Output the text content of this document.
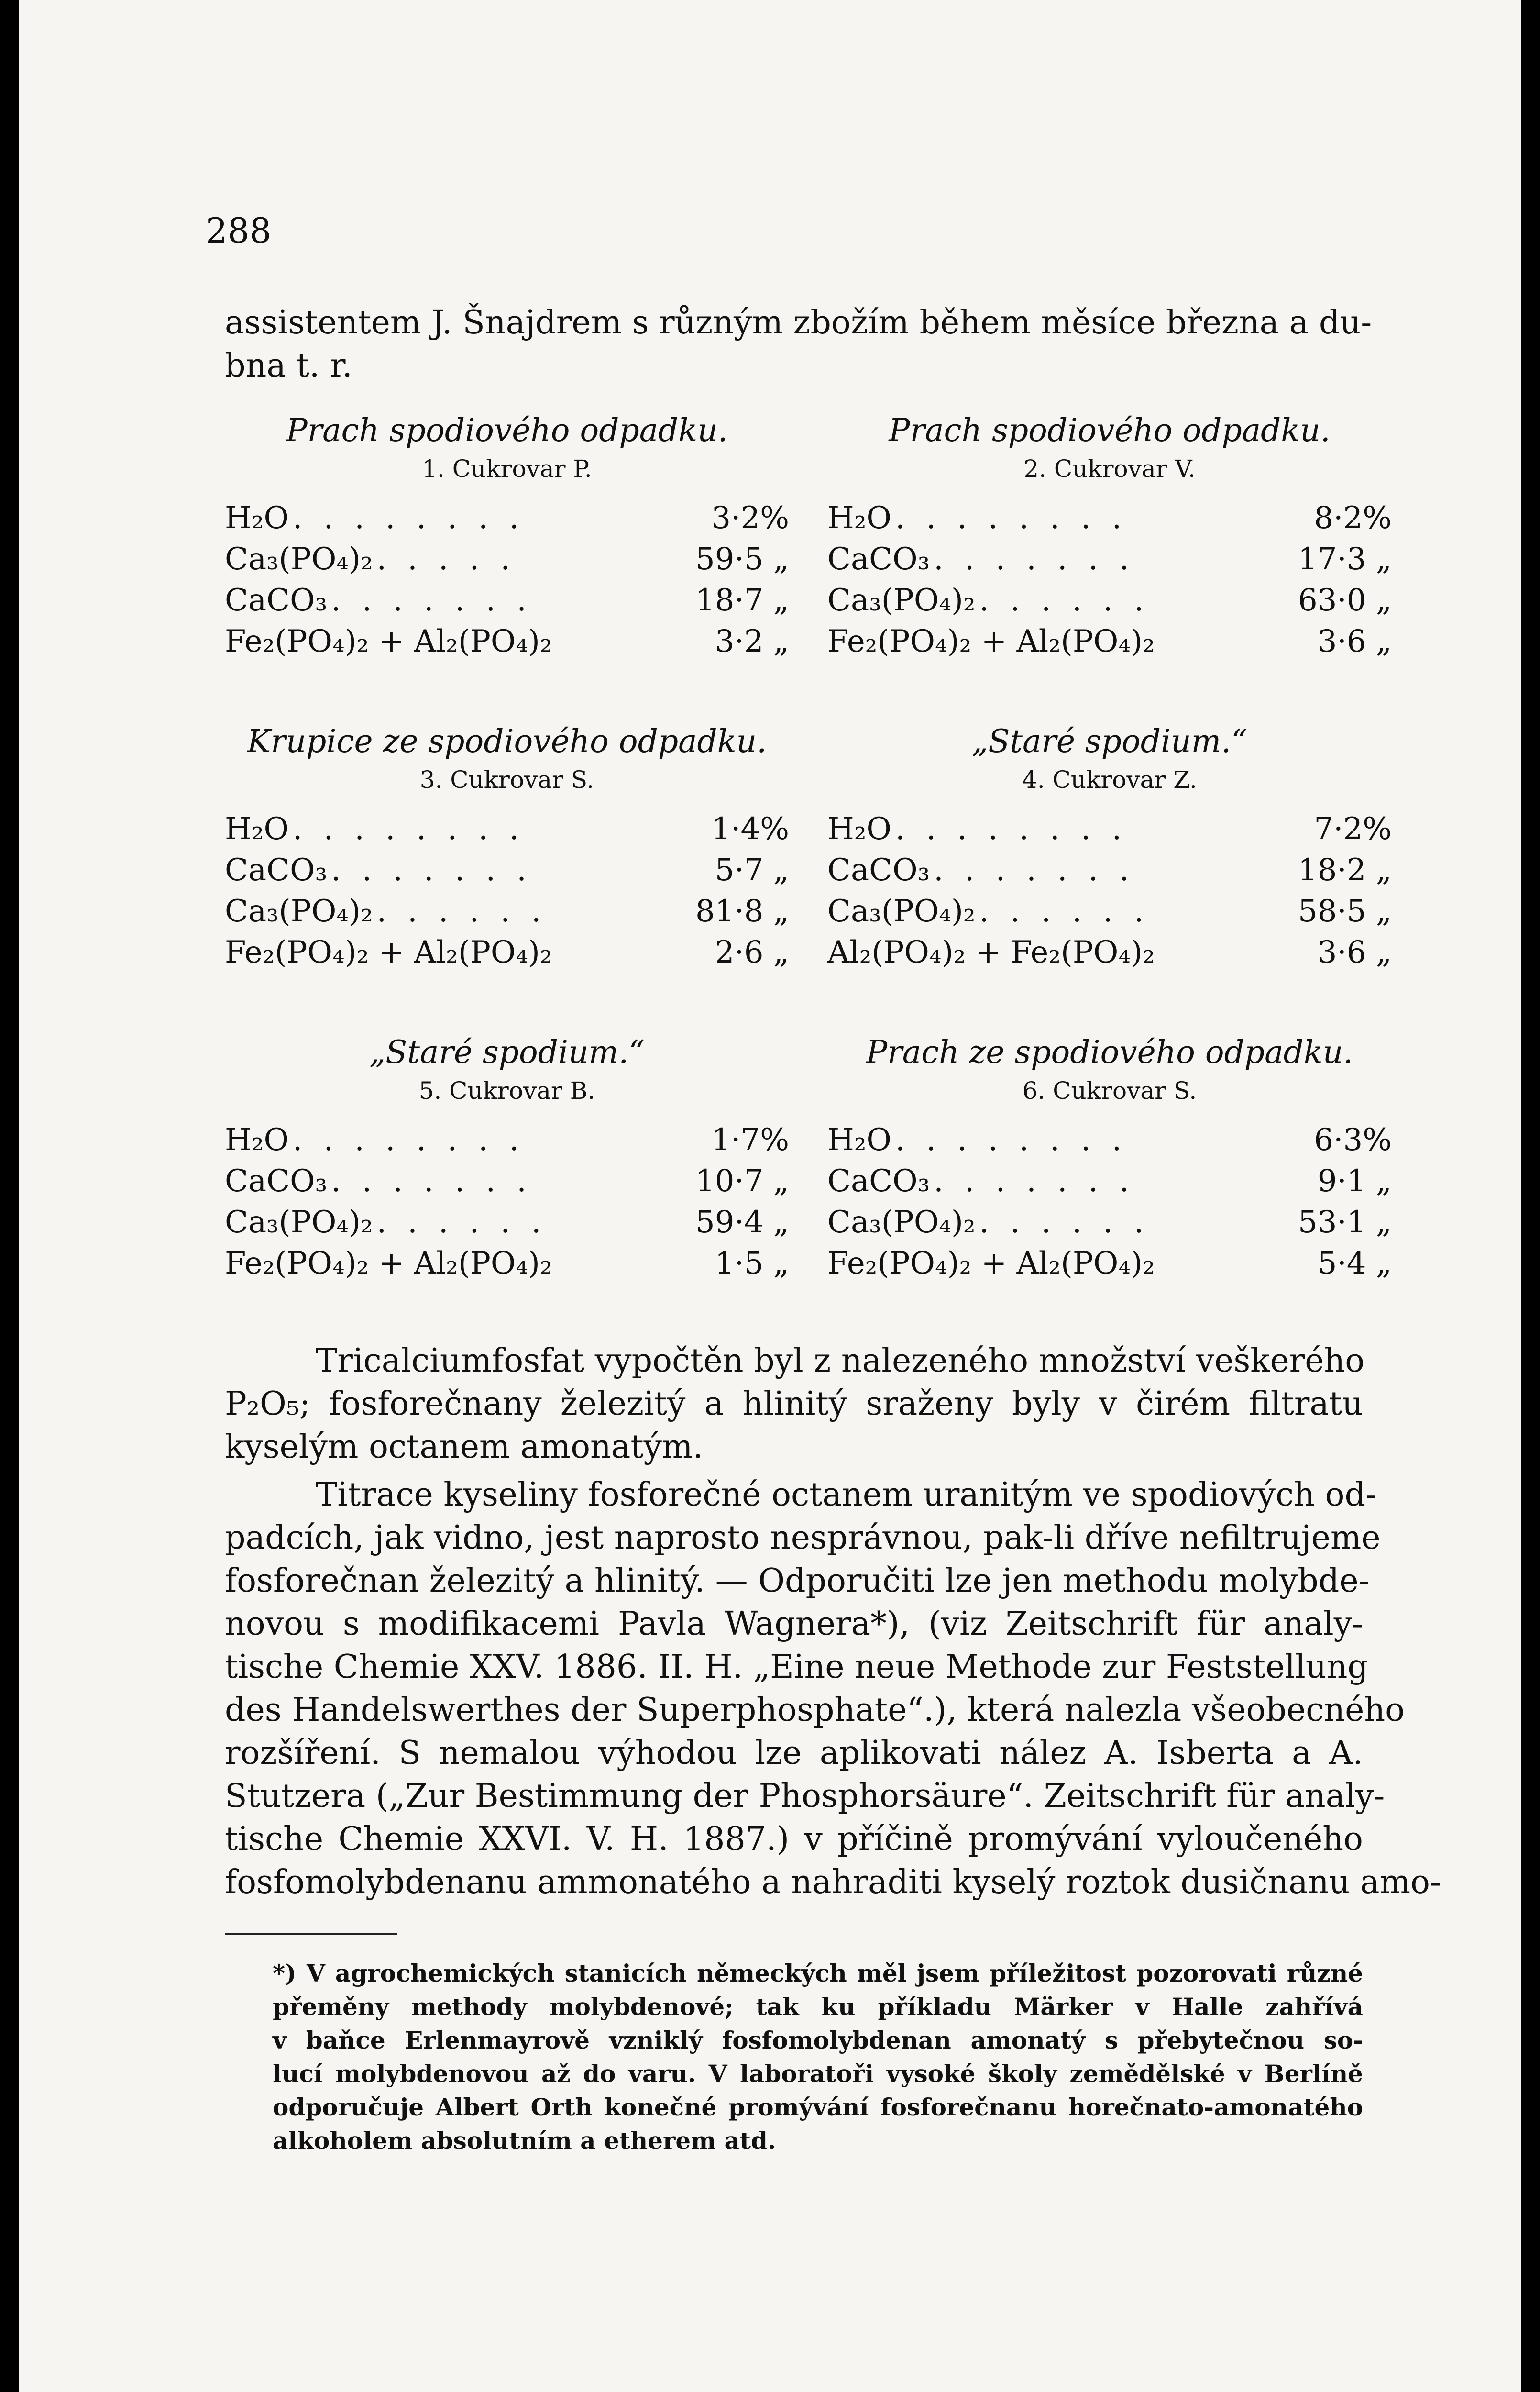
288
assistentem J. Šnajdrem s různým zbožím během měsíce března a du-
bna t. r.
Prach spodiového odpadku.
1. Cukrovar P.
H₂O . . . . . . . .	3·2%
Ca₃(PO₄)₂ . . . . .	59·5 „
CaCO₃ . . . . . . .	18·7 „
Fe₂(PO₄)₂ + Al₂(PO₄)₂	3·2 „
Prach spodiového odpadku.
2. Cukrovar V.
H₂O . . . . . . . .	8·2%
CaCO₃ . . . . . . .	17·3 „
Ca₃(PO₄)₂ . . . . . .	63·0 „
Fe₂(PO₄)₂ + Al₂(PO₄)₂	3·6 „
Krupice ze spodiového odpadku.
3. Cukrovar S.
H₂O . . . . . . . .	1·4%
CaCO₃ . . . . . . .	5·7 „
Ca₃(PO₄)₂ . . . . . .	81·8 „
Fe₂(PO₄)₂ + Al₂(PO₄)₂	2·6 „
„Staré spodium.“
4. Cukrovar Z.
H₂O . . . . . . . .	7·2%
CaCO₃ . . . . . . .	18·2 „
Ca₃(PO₄)₂ . . . . . .	58·5 „
Al₂(PO₄)₂ + Fe₂(PO₄)₂	3·6 „
„Staré spodium.“
5. Cukrovar B.
H₂O . . . . . . . .	1·7%
CaCO₃ . . . . . . .	10·7 „
Ca₃(PO₄)₂ . . . . . .	59·4 „
Fe₂(PO₄)₂ + Al₂(PO₄)₂	1·5 „
Prach ze spodiového odpadku.
6. Cukrovar S.
H₂O . . . . . . . .	6·3%
CaCO₃ . . . . . . .	9·1 „
Ca₃(PO₄)₂ . . . . . .	53·1 „
Fe₂(PO₄)₂ + Al₂(PO₄)₂	5·4 „
Tricalciumfosfat vypočtěn byl z nalezeného množství veškerého
P₂O₅; fosforečnany železitý a hlinitý sraženy byly v čirém filtratu
kyselým octanem amonatým.
Titrace kyseliny fosforečné octanem uranitým ve spodiových od-
padcích, jak vidno, jest naprosto nesprávnou, pak-li dříve nefiltrujeme
fosforečnan železitý a hlinitý. — Odporučiti lze jen methodu molybde-
novou s modifikacemi Pavla Wagnera*), (viz Zeitschrift für analy-
tische Chemie XXV. 1886. II. H. „Eine neue Methode zur Feststellung
des Handelswerthes der Superphosphate“.), která nalezla všeobecného
rozšíření. S nemalou výhodou lze aplikovati nález A. Isberta a A.
Stutzera („Zur Bestimmung der Phosphorsäure“. Zeitschrift für analy-
tische Chemie XXVI. V. H. 1887.) v příčině promývání vyloučeného
fosfomolybdenanu ammonatého a nahraditi kyselý roztok dusičnanu amo-
*) V agrochemických stanicích německých měl jsem příležitost pozorovati různé
přeměny methody molybdenové; tak ku příkladu Märker v Halle zahřívá
v baňce Erlenmayrově vzniklý fosfomolybdenan amonatý s přebytečnou so-
lucí molybdenovou až do varu. V laboratoři vysoké školy zemědělské v Berlíně
odporučuje Albert Orth konečné promývání fosforečnanu horečnato-amonatého
alkoholem absolutním a etherem atd.
